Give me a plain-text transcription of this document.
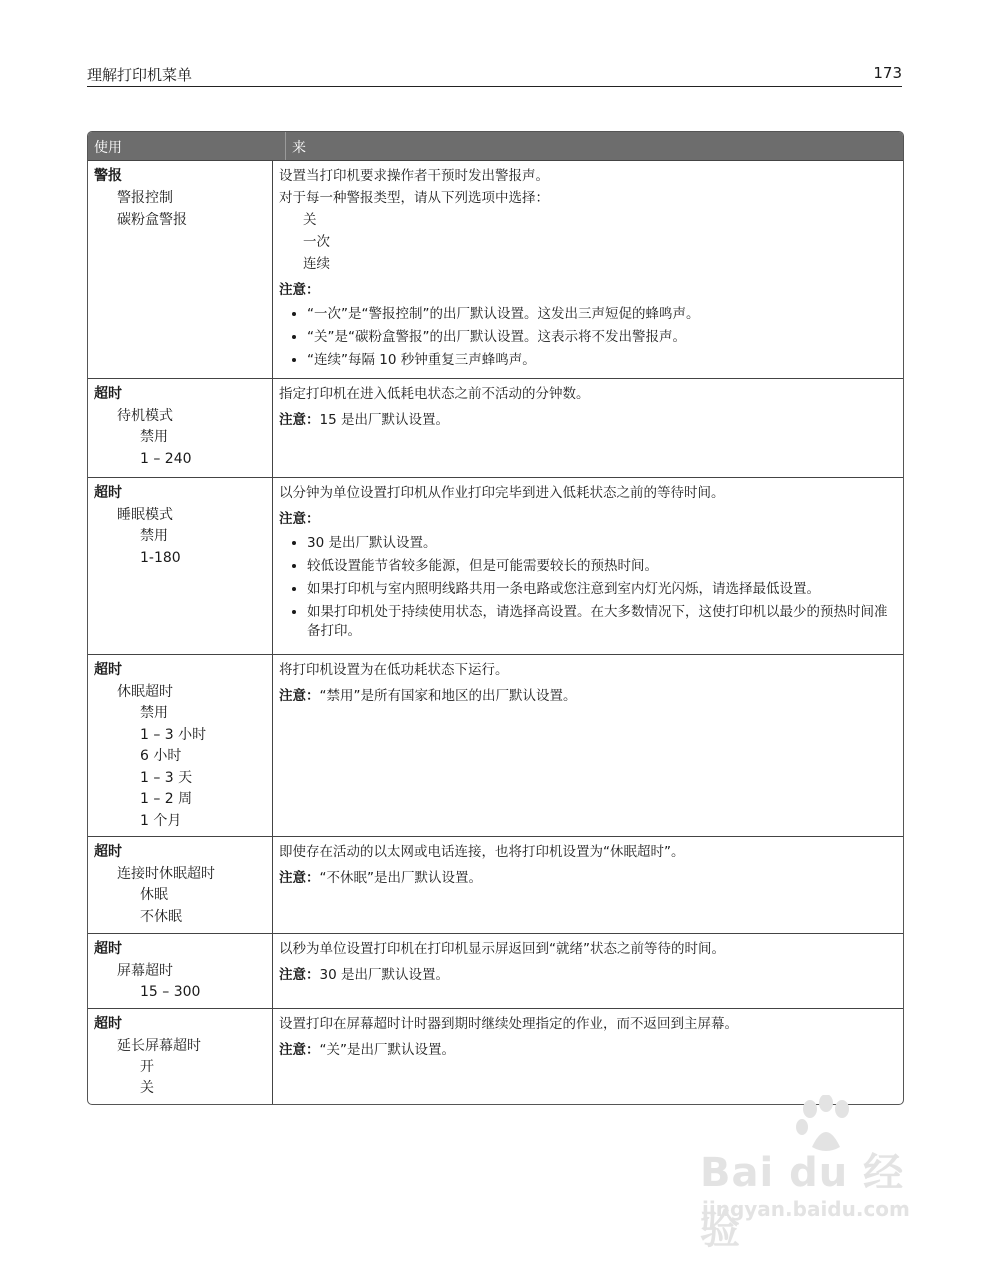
理解打印机菜单	173
使用	来
警报
警报控制
碳粉盒警报
设置当打印机要求操作者干预时发出警报声。
对于每一种警报类型，请从下列选项中选择：
关
一次
连续
注意：
• “一次”是“警报控制”的出厂默认设置。这发出三声短促的蜂鸣声。
• “关”是“碳粉盒警报”的出厂默认设置。这表示将不发出警报声。
• “连续”每隔 10 秒钟重复三声蜂鸣声。
超时
待机模式
禁用
1 – 240
指定打印机在进入低耗电状态之前不活动的分钟数。
注意：15 是出厂默认设置。
超时
睡眠模式
禁用
1-180
以分钟为单位设置打印机从作业打印完毕到进入低耗状态之前的等待时间。
注意：
• 30 是出厂默认设置。
• 较低设置能节省较多能源，但是可能需要较长的预热时间。
• 如果打印机与室内照明线路共用一条电路或您注意到室内灯光闪烁，请选择最低设置。
• 如果打印机处于持续使用状态，请选择高设置。在大多数情况下，这使打印机以最少的预热时间准备打印。
超时
休眠超时
禁用
1 – 3 小时
6 小时
1 – 3 天
1 – 2 周
1 个月
将打印机设置为在低功耗状态下运行。
注意：“禁用”是所有国家和地区的出厂默认设置。
超时
连接时休眠超时
休眠
不休眠
即使存在活动的以太网或电话连接，也将打印机设置为“休眠超时”。
注意：“不休眠”是出厂默认设置。
超时
屏幕超时
15 – 300
以秒为单位设置打印机在打印机显示屏返回到“就绪”状态之前等待的时间。
注意：30 是出厂默认设置。
超时
延长屏幕超时
开
关
设置打印在屏幕超时计时器到期时继续处理指定的作业，而不返回到主屏幕。
注意：“关”是出厂默认设置。
Bai du 经验
jingyan.baidu.com
